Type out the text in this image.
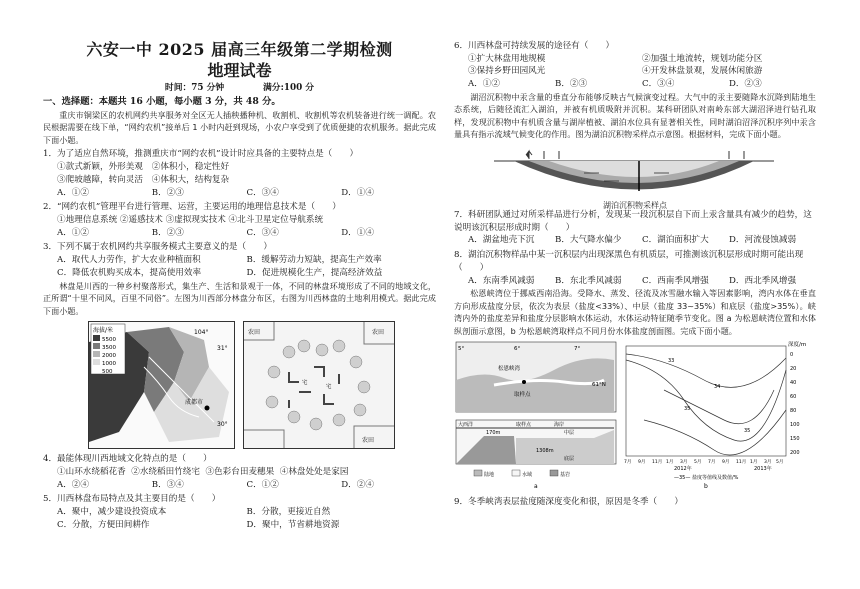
六安一中 2025 届高三年级第二学期检测
地理试卷
时间：75 分钟	满分:100 分
一、选择题：本题共 16 小题，每小题 3 分，共 48 分。
重庆市铜梁区的农机网约共享服务对全区无人插秧播种机、收割机、收割机等农机装备进行统一调配。农民根据需要在线下单，“网约农机”接单后 1 小时内赶到现场，小农户享受到了优质便捷的农机服务。据此完成下面小题。
1．为了适应自然环境，推测重庆市“网约农机”设计时应具备的主要特点是（　　）
①款式新颖，外形美观	②体积小，稳定性好
③爬坡越障，转向灵活	④体积大，结构复杂
A．①②	B．②③	C．③④	D．①④
2．“网约农机”管理平台进行管理、运营，主要运用的地理信息技术是（　　）
①地理信息系统 ②遥感技术 ③虚拟现实技术 ④北斗卫星定位导航系统
A．①②	B．②③	C．③④	D．①④
3．下列不属于农机网约共享服务模式主要意义的是（　　）
A．取代人力劳作，扩大农业种植面积	B．缓解劳动力短缺，提高生产效率
C．降低农机购买成本，提高使用效率	D．促进规模化生产，提高经济效益
林盘是川西的一种乡村聚落形式，集生产、生活和景观于一体，不同的林盘环境形成了不同的地域文化，正所谓“十里不同风，百里不同俗”。左图为川西部分林盘分布区，右图为川西林盘的土地利用模式。据此完成下面小题。
海拔/米
5500
3500
2000
1000
500
104°
31°
30°
成都市
农田	农田
宅
宅
农田
4．最能体现川西地域文化特点的是（　　）
①山环水绕稻花香 ②水绕稻田竹绕宅 ③色彩台田麦穗果 ④林盘处处是家园
A．②④	B．③④	C．①②	D．②④
5．川西林盘布局特点及其主要目的是（　　）
A．聚中，减少建设投资成本	B．分散，更接近自然
C．分散，方便田间耕作	D．聚中，节省耕地资源
6．川西林盘可持续发展的途径有（　　）
①扩大林盘用地规模	②加强土地流转，规划功能分区
③保持乡野田园风光	④开发林盘景观，发展休闲旅游
A．①②	B．②③	C．③④	D．②③
湖沼沉积物中汞含量的垂直分布能够反映古气候演变过程。大气中的汞主要随降水沉降到陆地生态系统，后随径流汇入湖泊，并被有机质吸附并沉积。某科研团队对南岭东部大湖沼泽进行钻孔取样，发现沉积物中有机质含量与湖岸植被、湖泊水位具有显著相关性，同时湖泊沼泽沉积序列中汞含量具有指示流域气候变化的作用。图为湖泊沉积物采样点示意图。根据材料，完成下面小题。
湖泊沉积物采样点
7．科研团队通过对所采样品进行分析，发现某一段沉积层自下而上汞含量具有减少的趋势，这说明该沉积层形成时期（　　）
A．湖盆地壳下沉	B．大气降水偏少	C．湖泊面积扩大	D．河流侵蚀减弱
8．湖泊沉积物样品中某一沉积层内出现深黑色有机质层，可推测该沉积层形成时期可能出现（　　）
A．东南季风减弱	B．东北季风减弱	C．西南季风增强	D．西北季风增强
松恩峡湾位于挪威西南沿海。受降水、蒸发、径流及冰雪融水输入等因素影响，湾内水体在垂直方向形成盐度分层，依次为表层（盐度<33%）、中层（盐度 33~35%）和底层（盐度>35%）。峡湾内外的盐度差异和盐度分层影响水体运动，水体运动特征随季节变化。图 a 为松恩峡湾位置和水体纵剖面示意图，b 为松恩峡湾取样点不同月份水体盐度剖面图。完成下面小题。
5°	6°	7°
松恩峡湾
取样点
61°N
大西洋
170m
取样点	海岸
1308m
中层
底层
陆地	水域	基岩
a
33
34
35
35
深度/m
0
20
40
60
80
100
150
200
7月 9月 11月 1月 3月 5月 7月 9月 11月 1月 3月 5月
2012年	2013年
—35— 盐度等值线及数值/%
b
9．冬季峡湾表层盐度随深度变化和很，原因是冬季（　　）
